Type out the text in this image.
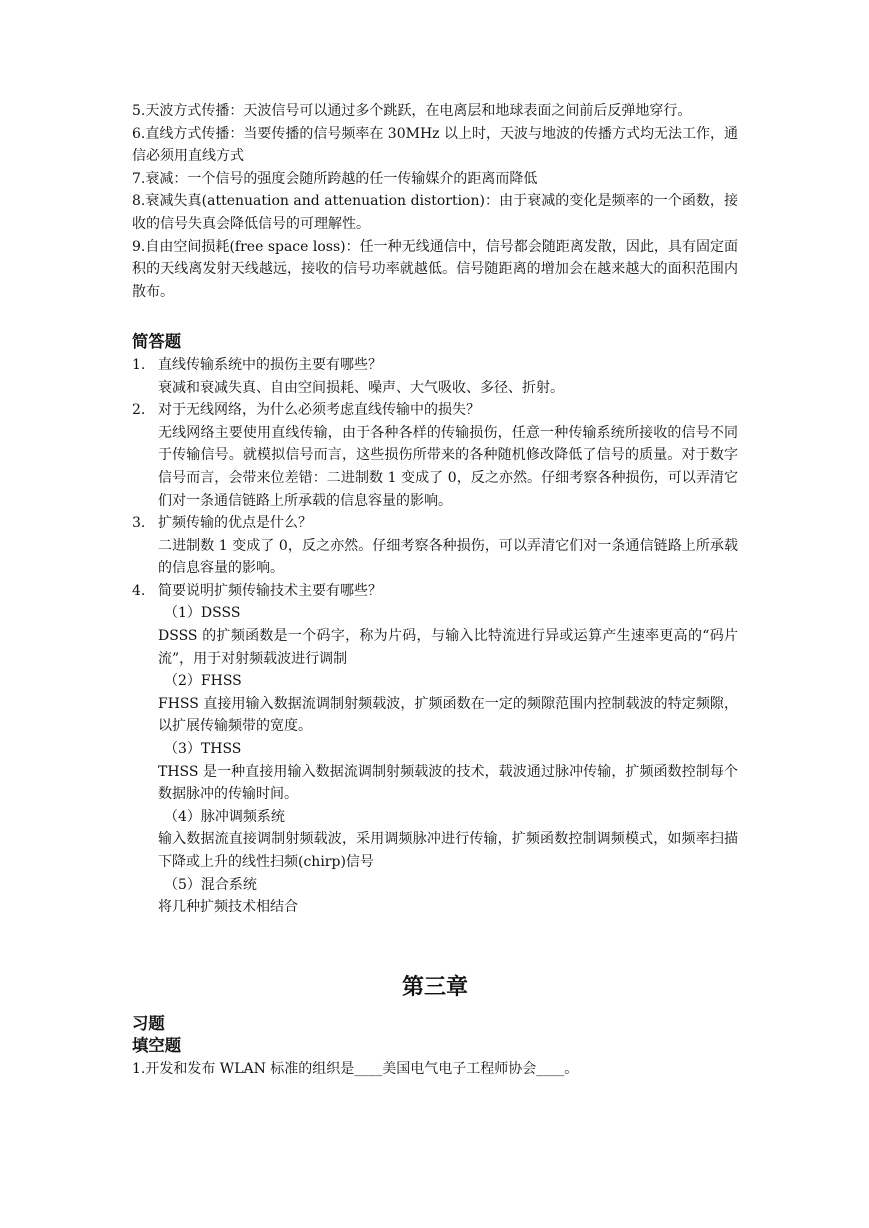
5.天波方式传播：天波信号可以通过多个跳跃，在电离层和地球表面之间前后反弹地穿行。

6.直线方式传播：当要传播的信号频率在 30MHz 以上时，天波与地波的传播方式均无法工作，通信必须用直线方式

7.衰减：一个信号的强度会随所跨越的任一传输媒介的距离而降低

8.衰减失真(attenuation and attenuation distortion)：由于衰减的变化是频率的一个函数，接收的信号失真会降低信号的可理解性。

9.自由空间损耗(free space loss)：任一种无线通信中，信号都会随距离发散，因此，具有固定面积的天线离发射天线越远，接收的信号功率就越低。信号随距离的增加会在越来越大的面积范围内散布。

简答题
1. 直线传输系统中的损伤主要有哪些？
衰减和衰减失真、自由空间损耗、噪声、大气吸收、多径、折射。
2. 对于无线网络，为什么必须考虑直线传输中的损失？
无线网络主要使用直线传输，由于各种各样的传输损伤，任意一种传输系统所接收的信号不同于传输信号。就模拟信号而言，这些损伤所带来的各种随机修改降低了信号的质量。对于数字信号而言，会带来位差错：二进制数 1 变成了 0，反之亦然。仔细考察各种损伤，可以弄清它们对一条通信链路上所承载的信息容量的影响。
3. 扩频传输的优点是什么？
二进制数 1 变成了 0，反之亦然。仔细考察各种损伤，可以弄清它们对一条通信链路上所承载的信息容量的影响。
4. 简要说明扩频传输技术主要有哪些？
（1）DSSS
DSSS 的扩频函数是一个码字，称为片码，与输入比特流进行异或运算产生速率更高的“码片流”，用于对射频载波进行调制
（2）FHSS
FHSS 直接用输入数据流调制射频载波，扩频函数在一定的频隙范围内控制载波的特定频隙，以扩展传输频带的宽度。
（3）THSS
THSS 是一种直接用输入数据流调制射频载波的技术，载波通过脉冲传输，扩频函数控制每个数据脉冲的传输时间。
（4）脉冲调频系统
输入数据流直接调制射频载波，采用调频脉冲进行传输，扩频函数控制调频模式，如频率扫描下降或上升的线性扫频(chirp)信号
（5）混合系统
将几种扩频技术相结合
第三章
习题
填空题

1.开发和发布 WLAN 标准的组织是____美国电气电子工程师协会____。
